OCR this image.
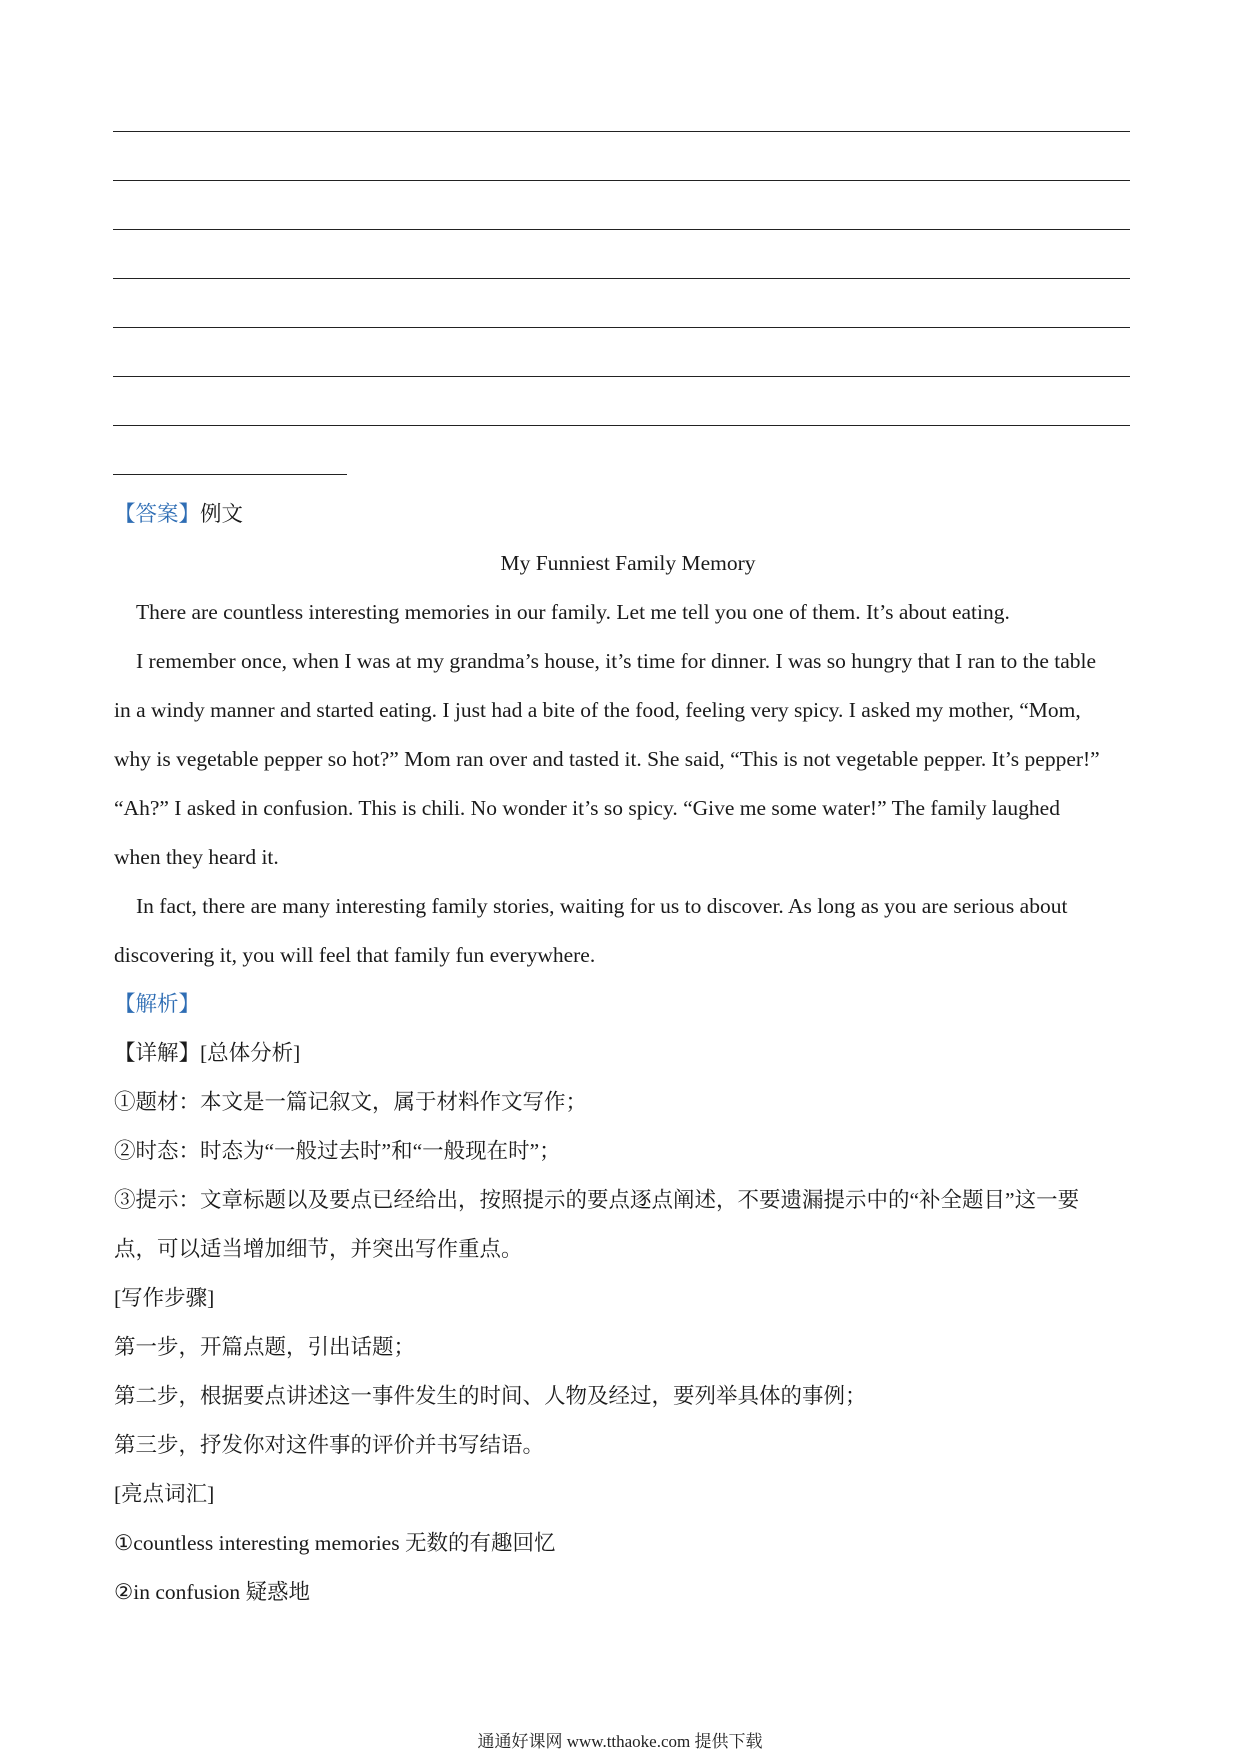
【答案】例文
My Funniest Family Memory
There are countless interesting memories in our family. Let me tell you one of them. It’s about eating.
I remember once, when I was at my grandma’s house, it’s time for dinner. I was so hungry that I ran to the table
in a windy manner and started eating. I just had a bite of the food, feeling very spicy. I asked my mother, “Mom,
why is vegetable pepper so hot?” Mom ran over and tasted it. She said, “This is not vegetable pepper. It’s pepper!”
“Ah?” I asked in confusion. This is chili. No wonder it’s so spicy. “Give me some water!” The family laughed
when they heard it.
In fact, there are many interesting family stories, waiting for us to discover. As long as you are serious about
discovering it, you will feel that family fun everywhere.
【解析】
【详解】[总体分析]
①题材：本文是一篇记叙文，属于材料作文写作；
②时态：时态为“一般过去时”和“一般现在时”；
③提示：文章标题以及要点已经给出，按照提示的要点逐点阐述，不要遗漏提示中的“补全题目”这一要
点，可以适当增加细节，并突出写作重点。
[写作步骤]
第一步，开篇点题，引出话题；
第二步，根据要点讲述这一事件发生的时间、人物及经过，要列举具体的事例；
第三步，抒发你对这件事的评价并书写结语。
[亮点词汇]
①countless interesting memories 无数的有趣回忆
②in confusion 疑惑地
通通好课网 www.tthaoke.com 提供下载
